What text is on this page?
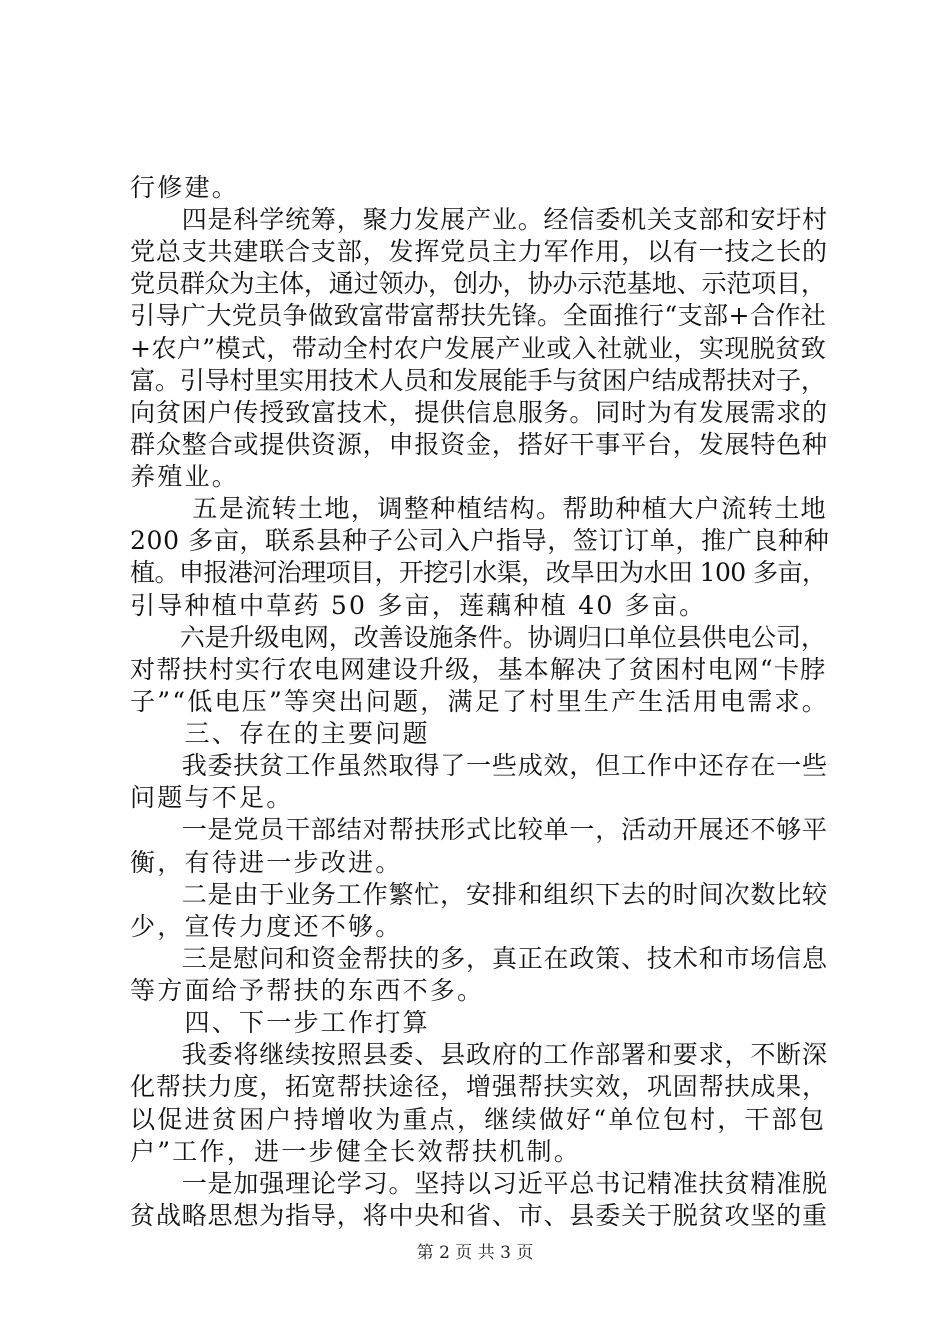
行修建。
　　四是科学统筹，聚力发展产业。经信委机关支部和安圩村
党总支共建联合支部，发挥党员主力军作用，以有一技之长的
党员群众为主体，通过领办，创办，协办示范基地、示范项目，
引导广大党员争做致富带富帮扶先锋。全面推行“支部+合作社
+农户”模式，带动全村农户发展产业或入社就业，实现脱贫致
富。引导村里实用技术人员和发展能手与贫困户结成帮扶对子，
向贫困户传授致富技术，提供信息服务。同时为有发展需求的
群众整合或提供资源，申报资金，搭好干事平台，发展特色种
养殖业。
　　 五是流转土地，调整种植结构。帮助种植大户流转土地
200 多亩，联系县种子公司入户指导，签订订单，推广良种种
植。申报港河治理项目，开挖引水渠，改旱田为水田 100 多亩，
引导种植中草药 50 多亩，莲藕种植 40 多亩。
　　六是升级电网，改善设施条件。协调归口单位县供电公司，
对帮扶村实行农电网建设升级，基本解决了贫困村电网“卡脖
子”“低电压”等突出问题，满足了村里生产生活用电需求。
　　三、存在的主要问题
　　我委扶贫工作虽然取得了一些成效，但工作中还存在一些
问题与不足。
　　一是党员干部结对帮扶形式比较单一，活动开展还不够平
衡，有待进一步改进。
　　二是由于业务工作繁忙，安排和组织下去的时间次数比较
少，宣传力度还不够。
　　三是慰问和资金帮扶的多，真正在政策、技术和市场信息
等方面给予帮扶的东西不多。
　　四、下一步工作打算
　　我委将继续按照县委、县政府的工作部署和要求，不断深
化帮扶力度，拓宽帮扶途径，增强帮扶实效，巩固帮扶成果，
以促进贫困户持增收为重点，继续做好“单位包村，干部包
户”工作，进一步健全长效帮扶机制。
　　一是加强理论学习。坚持以习近平总书记精准扶贫精准脱
贫战略思想为指导，将中央和省、市、县委关于脱贫攻坚的重
第 2 页 共 3 页
